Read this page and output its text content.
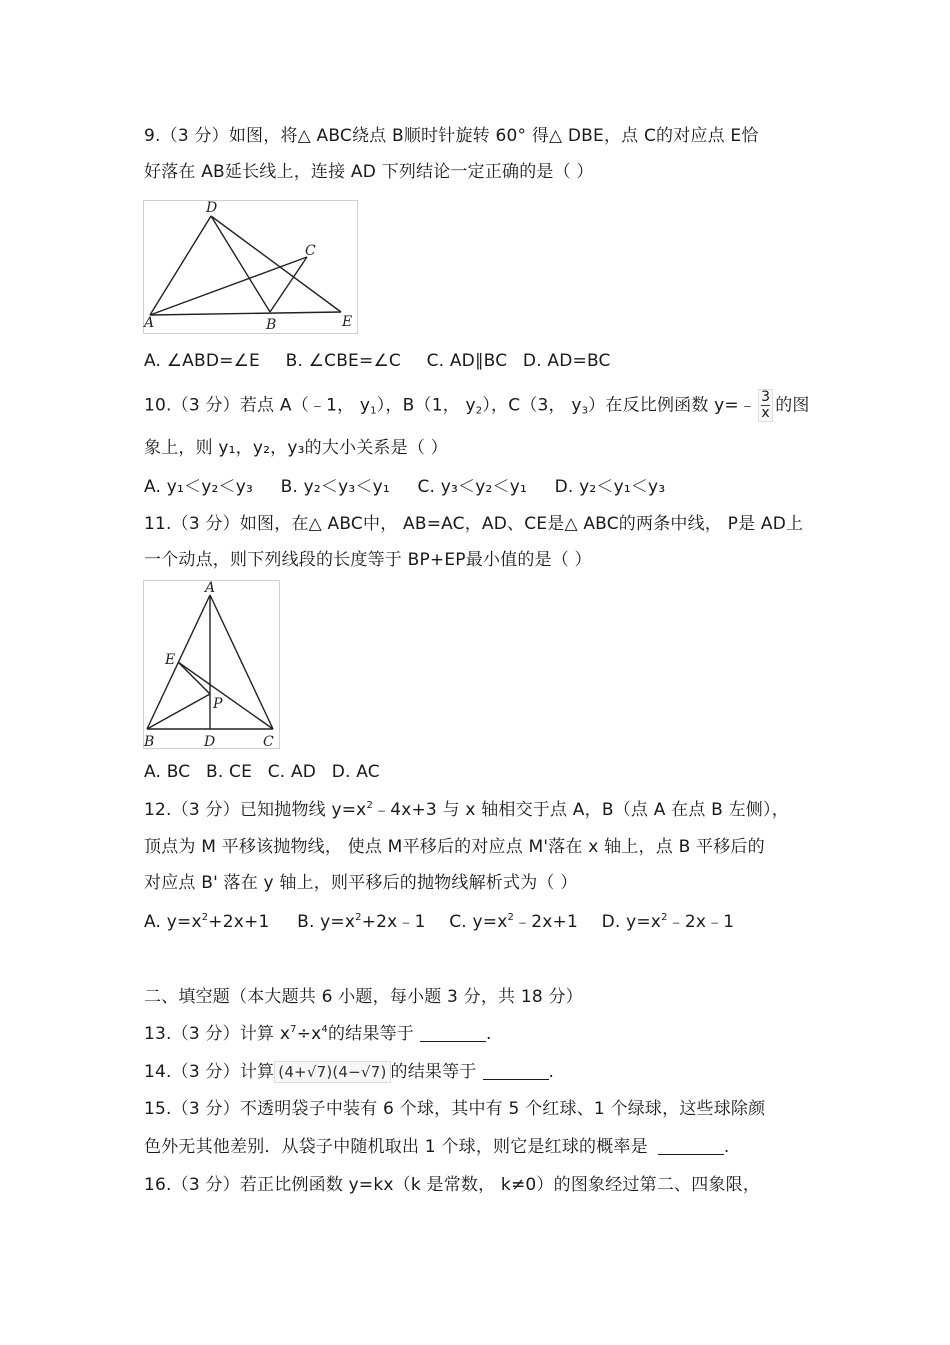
9.（3 分）如图，将△ ABC绕点 B顺时针旋转 60° 得△ DBE，点 C的对应点 E恰
好落在 AB延长线上，连接 AD 下列结论一定正确的是（ ）
D
C
A	B	E
A. ∠ABD=∠E B. ∠CBE=∠C C. AD∥BC D. AD=BC
10.（3 分）若点 A（﹣1， $y_1$），B（1， $y_2$），C（3， $y_3$）在反比例函数 y=﹣ $\frac{3}{x}$ 的图
象上，则 y₁，y₂，y₃的大小关系是（ ）
A. y₁＜y₂＜y₃ B. y₂＜y₃＜y₁ C. y₃＜y₂＜y₁ D. y₂＜y₁＜y₃
11.（3 分）如图，在△ ABC中， AB=AC，AD、CE是△ ABC的两条中线， P是 AD上
一个动点，则下列线段的长度等于 BP+EP最小值的是（ ）
A
E
P
B	D	C
A. BC B. CE C. AD D. AC
12.（3 分）已知抛物线 $y=x^2﹣4x+3$ 与 x 轴相交于点 A，B（点 A 在点 B 左侧），
顶点为 M 平移该抛物线， 使点 M平移后的对应点 M'落在 x 轴上，点 B 平移后的
对应点 B' 落在 y 轴上，则平移后的抛物线解析式为（ ）
A. $y=x^2+2x+1$ B. $y=x^2+2x﹣1$ C. $y=x^2﹣2x+1$ D. $y=x^2﹣2x﹣1$
二、填空题（本大题共 6 小题，每小题 3 分，共 18 分）
13.（3 分）计算 $x^7\div x^4$的结果等于	.
14.（3 分）计算 (4+√7)(4−√7) 的结果等于	.
15.（3 分）不透明袋子中装有 6 个球，其中有 5 个红球、1 个绿球，这些球除颜
色外无其他差别．从袋子中随机取出 1 个球，则它是红球的概率是	.
16.（3 分）若正比例函数 y=kx（k 是常数， k≠0）的图象经过第二、四象限，
